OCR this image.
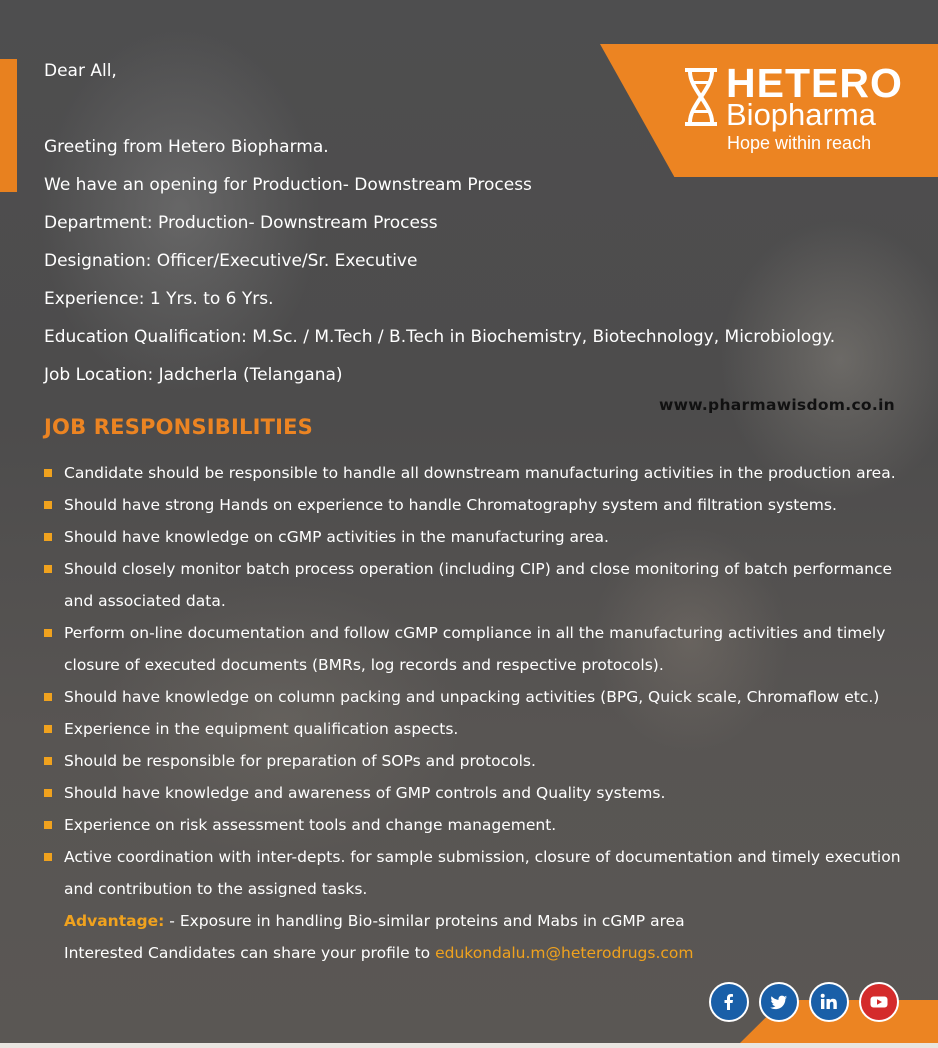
HETERO
Biopharma
Hope within reach
Dear All,
Greeting from Hetero Biopharma.
We have an opening for Production- Downstream Process
Department: Production- Downstream Process
Designation: Officer/Executive/Sr. Executive
Experience: 1 Yrs. to 6 Yrs.
Education Qualification: M.Sc. / M.Tech / B.Tech in Biochemistry, Biotechnology, Microbiology.
Job Location: Jadcherla (Telangana)
www.pharmawisdom.co.in
JOB RESPONSIBILITIES
Candidate should be responsible to handle all downstream manufacturing activities in the production area.
Should have strong Hands on experience to handle Chromatography system and filtration systems.
Should have knowledge on cGMP activities in the manufacturing area.
Should closely monitor batch process operation (including CIP) and close monitoring of batch performance and associated data.
Perform on-line documentation and follow cGMP compliance in all the manufacturing activities and timely closure of executed documents (BMRs, log records and respective protocols).
Should have knowledge on column packing and unpacking activities (BPG, Quick scale, Chromaflow etc.)
Experience in the equipment qualification aspects.
Should be responsible for preparation of SOPs and protocols.
Should have knowledge and awareness of GMP controls and Quality systems.
Experience on risk assessment tools and change management.
Active coordination with inter-depts. for sample submission, closure of documentation and timely execution and contribution to the assigned tasks.
Advantage: - Exposure in handling Bio-similar proteins and Mabs in cGMP area
Interested Candidates can share your profile to edukondalu.m@heterodrugs.com
